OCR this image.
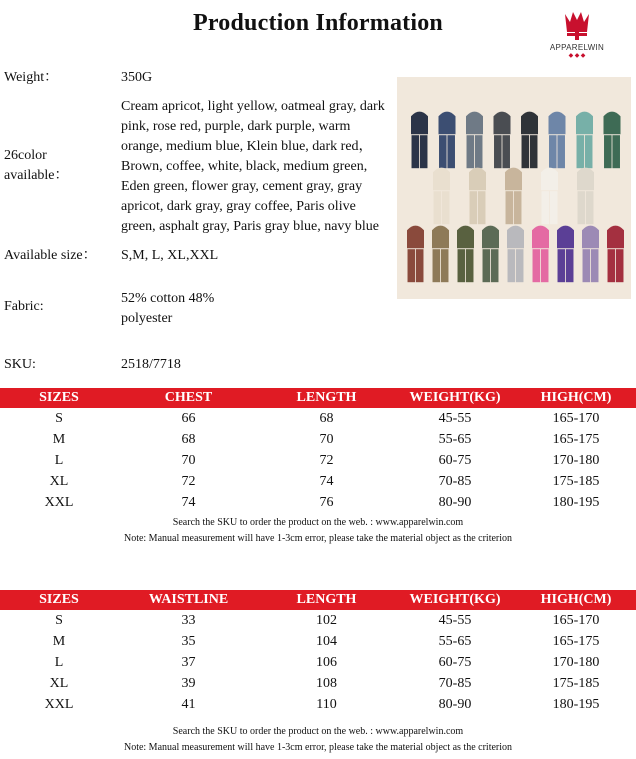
Production Information
APPARELWIN
◆ ◆ ◆
Weight：	350G
26color
available：
Cream apricot, light yellow, oatmeal gray, dark pink, rose red, purple, dark purple, warm orange, medium blue, Klein blue, dark red，Brown, coffee, white, black, medium green, Eden green, flower gray, cement gray, gray apricot, dark gray, gray coffee, Paris olive green, asphalt gray, Paris gray blue, navy blue
Available size： S,M, L, XL,XXL
Fabric:
52% cotton 48%
polyester
SKU:	2518/7718
SIZES	CHEST	LENGTH	WEIGHT(KG)	HIGH(CM)
S	66	68	45-55	165-170
M	68	70	55-65	165-175
L	70	72	60-75	170-180
XL	72	74	70-85	175-185
XXL	74	76	80-90	180-195
Search the SKU to order the product on the web. : www.apparelwin.com
Note: Manual measurement will have 1-3cm error, please take the material object as the criterion
SIZES	WAISTLINE	LENGTH	WEIGHT(KG)	HIGH(CM)
S	33	102	45-55	165-170
M	35	104	55-65	165-175
L	37	106	60-75	170-180
XL	39	108	70-85	175-185
XXL	41	110	80-90	180-195
Search the SKU to order the product on the web. : www.apparelwin.com
Note: Manual measurement will have 1-3cm error, please take the material object as the criterion
